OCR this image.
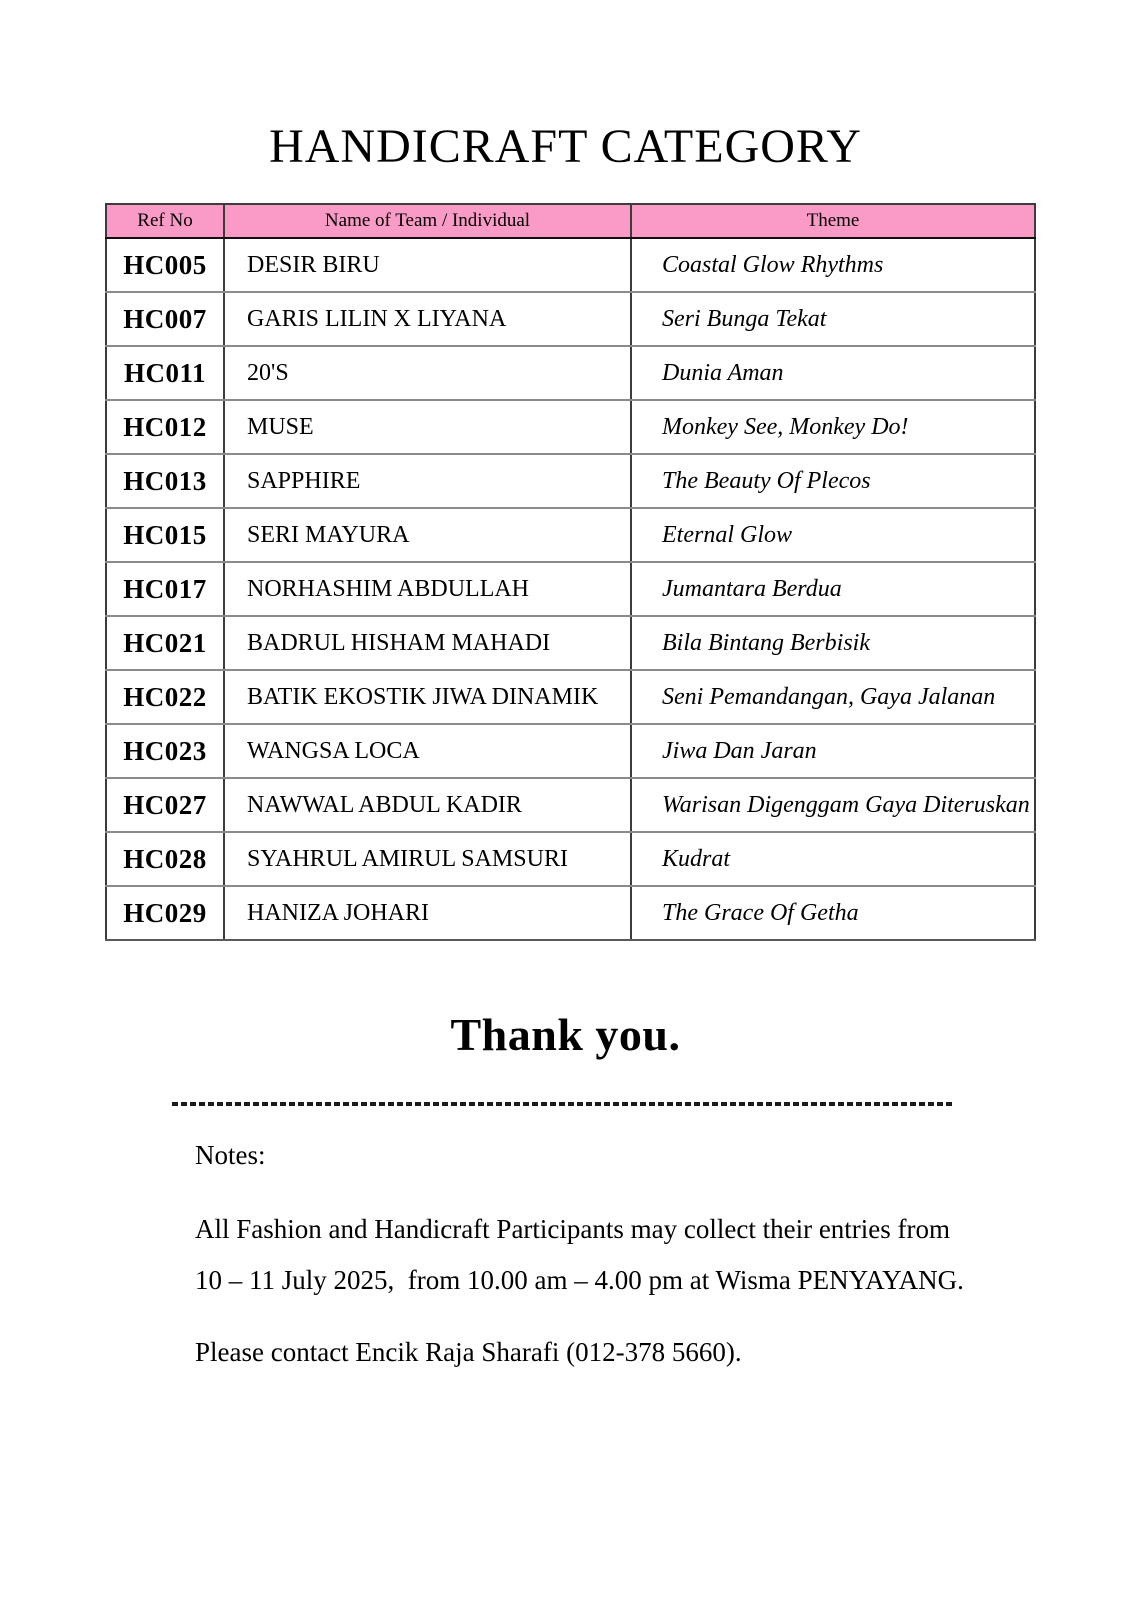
HANDICRAFT CATEGORY
Ref No	Name of Team / Individual	Theme
HC005	DESIR BIRU	Coastal Glow Rhythms
HC007	GARIS LILIN X LIYANA	Seri Bunga Tekat
HC011	20'S	Dunia Aman
HC012	MUSE	Monkey See, Monkey Do!
HC013	SAPPHIRE	The Beauty Of Plecos
HC015	SERI MAYURA	Eternal Glow
HC017	NORHASHIM ABDULLAH	Jumantara Berdua
HC021	BADRUL HISHAM MAHADI	Bila Bintang Berbisik
HC022	BATIK EKOSTIK JIWA DINAMIK	Seni Pemandangan, Gaya Jalanan
HC023	WANGSA LOCA	Jiwa Dan Jaran
HC027	NAWWAL ABDUL KADIR	Warisan Digenggam Gaya Diteruskan
HC028	SYAHRUL AMIRUL SAMSURI	Kudrat
HC029	HANIZA JOHARI	The Grace Of Getha
Thank you.
Notes:

All Fashion and Handicraft Participants may collect their entries from

10 – 11 July 2025,  from 10.00 am – 4.00 pm at Wisma PENYAYANG.

Please contact Encik Raja Sharafi (012-378 5660).
